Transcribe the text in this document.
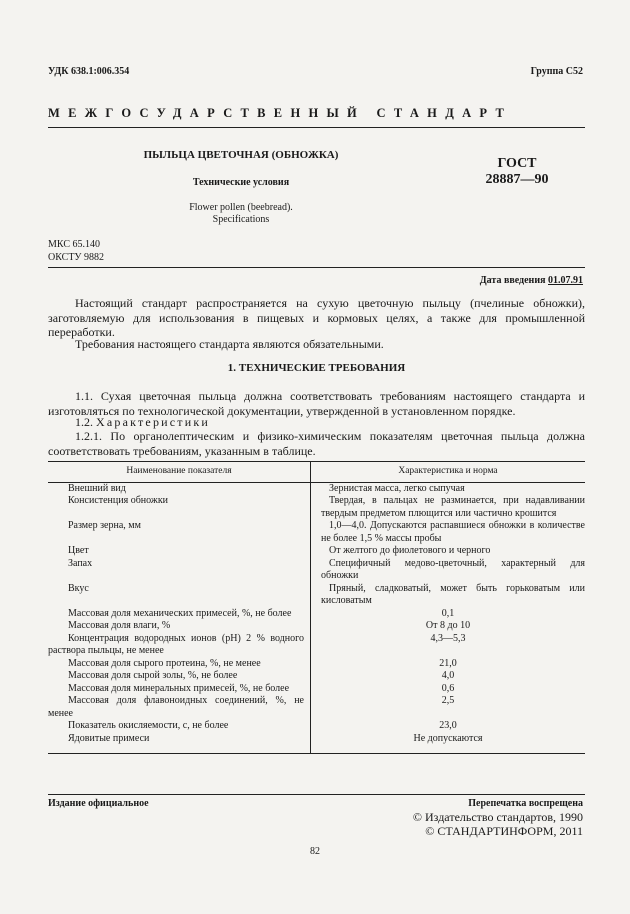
УДК 638.1:006.354	Группа С52
МЕЖГОСУДАРСТВЕННЫЙ СТАНДАРТ
ПЫЛЬЦА ЦВЕТОЧНАЯ (ОБНОЖКА)
Технические условия
Flower pollen (beebread).
Specifications
ГОСТ
28887—90
МКС 65.140
ОКСТУ 9882
Дата введения 01.07.91
Настоящий стандарт распространяется на сухую цветочную пыльцу (пчелиные обножки), заготовляемую для использования в пищевых и кормовых целях, а также для промышленной переработки.
Требования настоящего стандарта являются обязательными.
1. ТЕХНИЧЕСКИЕ ТРЕБОВАНИЯ
1.1. Сухая цветочная пыльца должна соответствовать требованиям настоящего стандарта и изготовляться по технологической документации, утвержденной в установленном порядке.
1.2. Характеристики
1.2.1. По органолептическим и физико-химическим показателям цветочная пыльца должна соответствовать требованиям, указанным в таблице.
Наименование показателя	Характеристика и норма

Внешний вид	Зернистая масса, легко сыпучая

Консистенция обножки	Твердая, в пальцах не разминается, при надавливании твердым предметом плющится или частично крошится

Размер зерна, мм	1,0—4,0. Допускаются распавшиеся обножки в количестве не более 1,5 % массы пробы

Цвет	От желтого до фиолетового и черного

Запах	Специфичный медово-цветочный, характерный для обножки

Вкус	Пряный, сладковатый, может быть горьковатым или кисловатым

Массовая доля механических примесей, %, не более	0,1

Массовая доля влаги, %	От 8 до 10

Концентрация водородных ионов (pH) 2 % водного раствора пыльцы, не менее	4,3—5,3

Массовая доля сырого протеина, %, не менее	21,0

Массовая доля сырой золы, %, не более	4,0

Массовая доля минеральных примесей, %, не более	0,6

Массовая доля флавоноидных соединений, %, не менее	2,5

Показатель окисляемости, с, не более	23,0

Ядовитые примеси	Не допускаются
Издание официальное	Перепечатка воспрещена
© Издательство стандартов, 1990
© СТАНДАРТИНФОРМ, 2011
82
